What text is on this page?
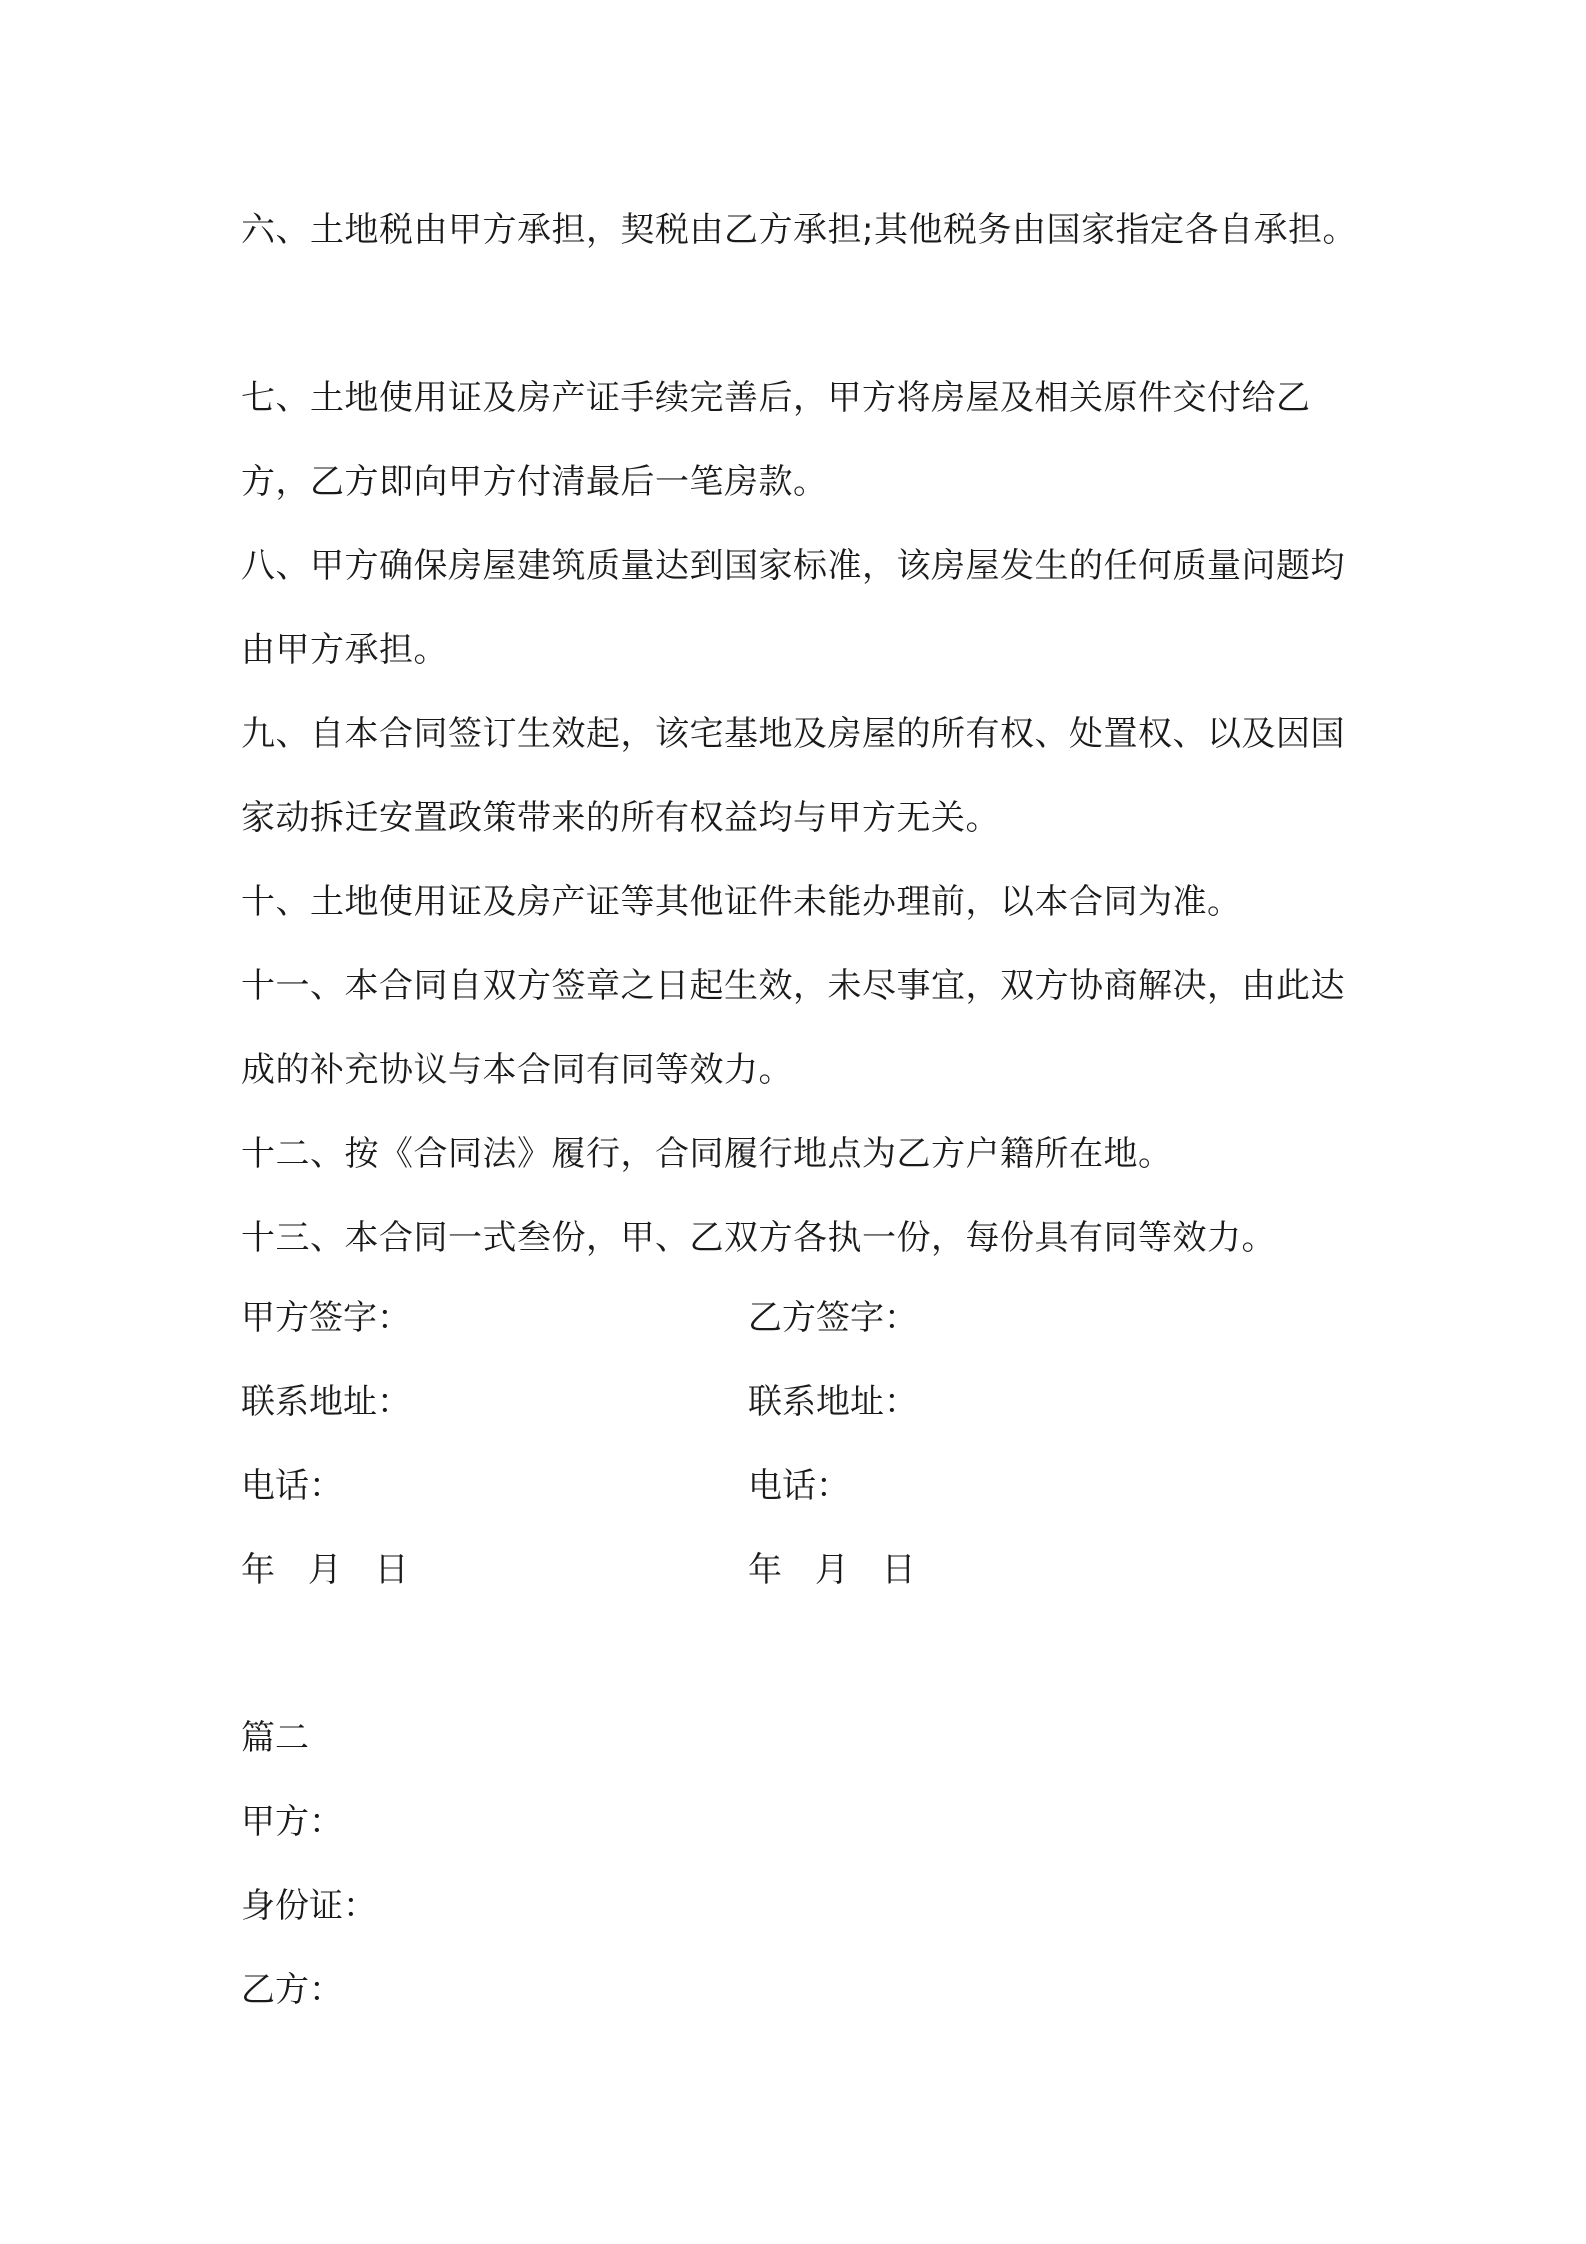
六、土地税由甲方承担，契税由乙方承担;其他税务由国家指定各自承担。

七、土地使用证及房产证手续完善后，甲方将房屋及相关原件交付给乙方，乙方即向甲方付清最后一笔房款。

八、甲方确保房屋建筑质量达到国家标准，该房屋发生的任何质量问题均由甲方承担。

九、自本合同签订生效起，该宅基地及房屋的所有权、处置权、以及因国家动拆迁安置政策带来的所有权益均与甲方无关。

十、土地使用证及房产证等其他证件未能办理前，以本合同为准。

十一、本合同自双方签章之日起生效，未尽事宜，双方协商解决，由此达成的补充协议与本合同有同等效力。

十二、按《合同法》履行，合同履行地点为乙方户籍所在地。

十三、本合同一式叁份，甲、乙双方各执一份，每份具有同等效力。

甲方签字：	乙方签字：
联系地址：	联系地址：
电话：	电话：
年 月 日	年 月 日
篇二
甲方：
身份证：
乙方：
